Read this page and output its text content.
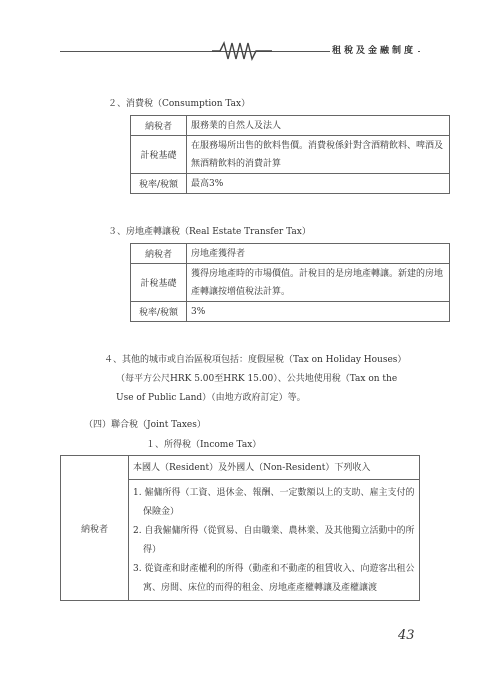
租稅及金融制度
２、消費稅（Consumption Tax）
納稅者	服務業的自然人及法人
計稅基礎	在服務場所出售的飲料售價。消費稅係針對含酒精飲料、啤酒及無酒精飲料的消費計算
稅率/稅額	最高3%
３、房地產轉讓稅（Real Estate Transfer Tax）
納稅者	房地產獲得者
計稅基礎	獲得房地產時的市場價值。計稅目的是房地產轉讓。新建的房地產轉讓按增值稅法計算。
稅率/稅額	3%
４、其他的城市或自治區稅項包括：度假屋稅（Tax on Holiday Houses）
（每平方公尺HRK 5.00至HRK 15.00）、公共地使用稅（Tax on the
Use of Public Land）（由地方政府訂定）等。
（四）聯合稅（Joint Taxes）
１、所得稅（Income Tax）
納稅者	本國人（Resident）及外國人（Non-Resident）下列收入

1. 僱傭所得（工資、退休金、報酬、一定數額以上的支助、雇主支付的保險金）
2. 自我僱傭所得（從貿易、自由職業、農林業、及其他獨立活動中的所得）
3. 從資產和財產權利的所得（動產和不動產的租賃收入、向遊客出租公寓、房間、床位的而得的租金、房地產產權轉讓及產權讓渡
43
